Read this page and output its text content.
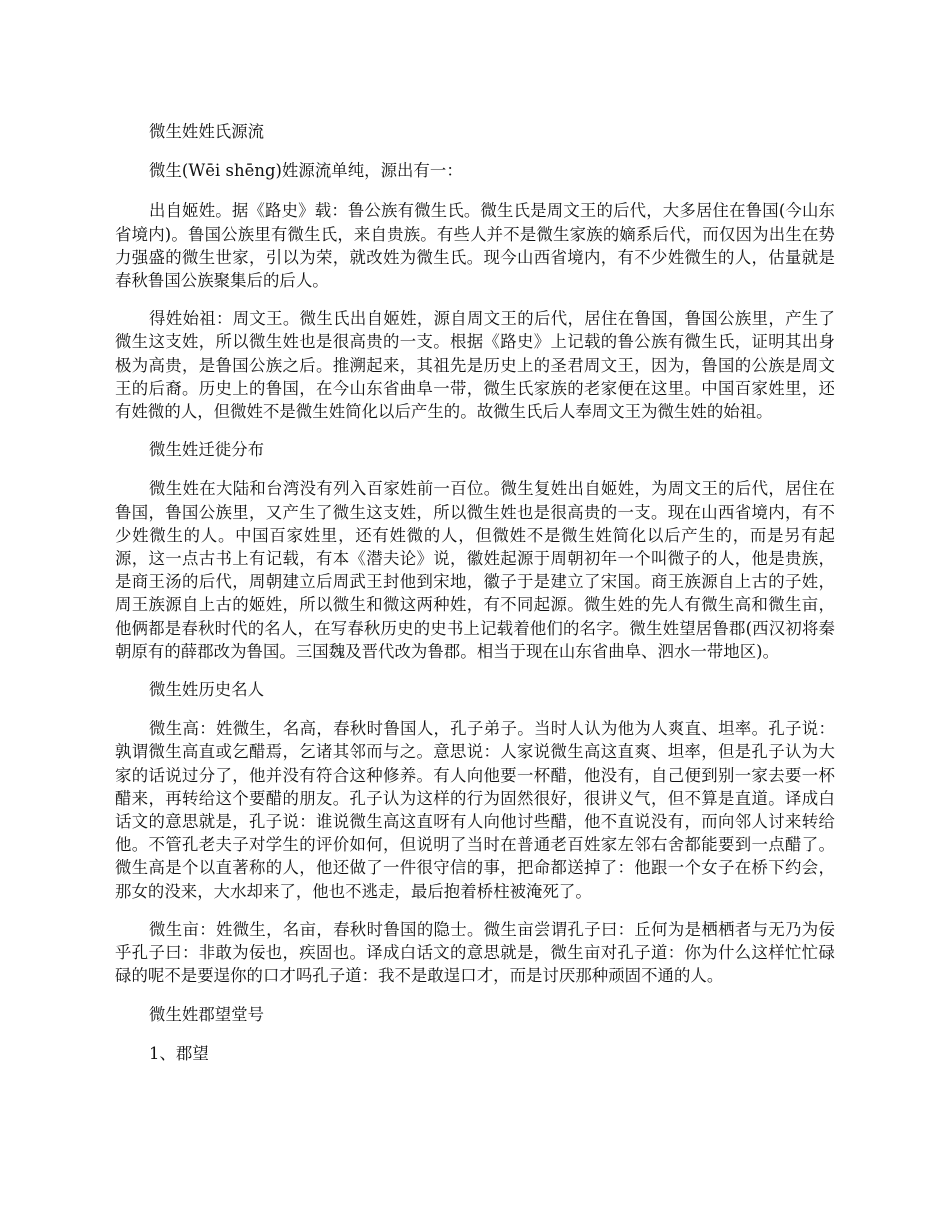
微生姓姓氏源流

微生(Wēi shēng)姓源流单纯，源出有一：

出自姬姓。据《路史》载：鲁公族有微生氏。微生氏是周文王的后代，大多居住在鲁国(今山东省境内)。鲁国公族里有微生氏，来自贵族。有些人并不是微生家族的嫡系后代，而仅因为出生在势力强盛的微生世家，引以为荣，就改姓为微生氏。现今山西省境内，有不少姓微生的人，估量就是春秋鲁国公族聚集后的后人。

得姓始祖：周文王。微生氏出自姬姓，源自周文王的后代，居住在鲁国，鲁国公族里，产生了微生这支姓，所以微生姓也是很高贵的一支。根据《路史》上记载的鲁公族有微生氏，证明其出身极为高贵，是鲁国公族之后。推溯起来，其祖先是历史上的圣君周文王，因为，鲁国的公族是周文王的后裔。历史上的鲁国，在今山东省曲阜一带，微生氏家族的老家便在这里。中国百家姓里，还有姓微的人，但微姓不是微生姓简化以后产生的。故微生氏后人奉周文王为微生姓的始祖。

微生姓迁徙分布

微生姓在大陆和台湾没有列入百家姓前一百位。微生复姓出自姬姓，为周文王的后代，居住在鲁国，鲁国公族里，又产生了微生这支姓，所以微生姓也是很高贵的一支。现在山西省境内，有不少姓微生的人。中国百家姓里，还有姓微的人，但微姓不是微生姓简化以后产生的，而是另有起源，这一点古书上有记载，有本《潜夫论》说，徽姓起源于周朝初年一个叫微子的人，他是贵族，是商王汤的后代，周朝建立后周武王封他到宋地，徽子于是建立了宋国。商王族源自上古的子姓，周王族源自上古的姬姓，所以微生和微这两种姓，有不同起源。微生姓的先人有微生高和微生亩，他俩都是春秋时代的名人，在写春秋历史的史书上记载着他们的名字。微生姓望居鲁郡(西汉初将秦朝原有的薛郡改为鲁国。三国魏及晋代改为鲁郡。相当于现在山东省曲阜、泗水一带地区)。

微生姓历史名人

微生高：姓微生，名高，春秋时鲁国人，孔子弟子。当时人认为他为人爽直、坦率。孔子说：孰谓微生高直或乞醋焉，乞诸其邻而与之。意思说：人家说微生高这直爽、坦率，但是孔子认为大家的话说过分了，他并没有符合这种修养。有人向他要一杯醋，他没有，自己便到别一家去要一杯醋来，再转给这个要醋的朋友。孔子认为这样的行为固然很好，很讲义气，但不算是直道。译成白话文的意思就是，孔子说：谁说微生高这直呀有人向他讨些醋，他不直说没有，而向邻人讨来转给他。不管孔老夫子对学生的评价如何，但说明了当时在普通老百姓家左邻右舍都能要到一点醋了。微生高是个以直著称的人，他还做了一件很守信的事，把命都送掉了：他跟一个女子在桥下约会，那女的没来，大水却来了，他也不逃走，最后抱着桥柱被淹死了。

微生亩：姓微生，名亩，春秋时鲁国的隐士。微生亩尝谓孔子曰：丘何为是栖栖者与无乃为佞乎孔子曰：非敢为佞也，疾固也。译成白话文的意思就是，微生亩对孔子道：你为什么这样忙忙碌碌的呢不是要逞你的口才吗孔子道：我不是敢逞口才，而是讨厌那种顽固不通的人。

微生姓郡望堂号

1、郡望
